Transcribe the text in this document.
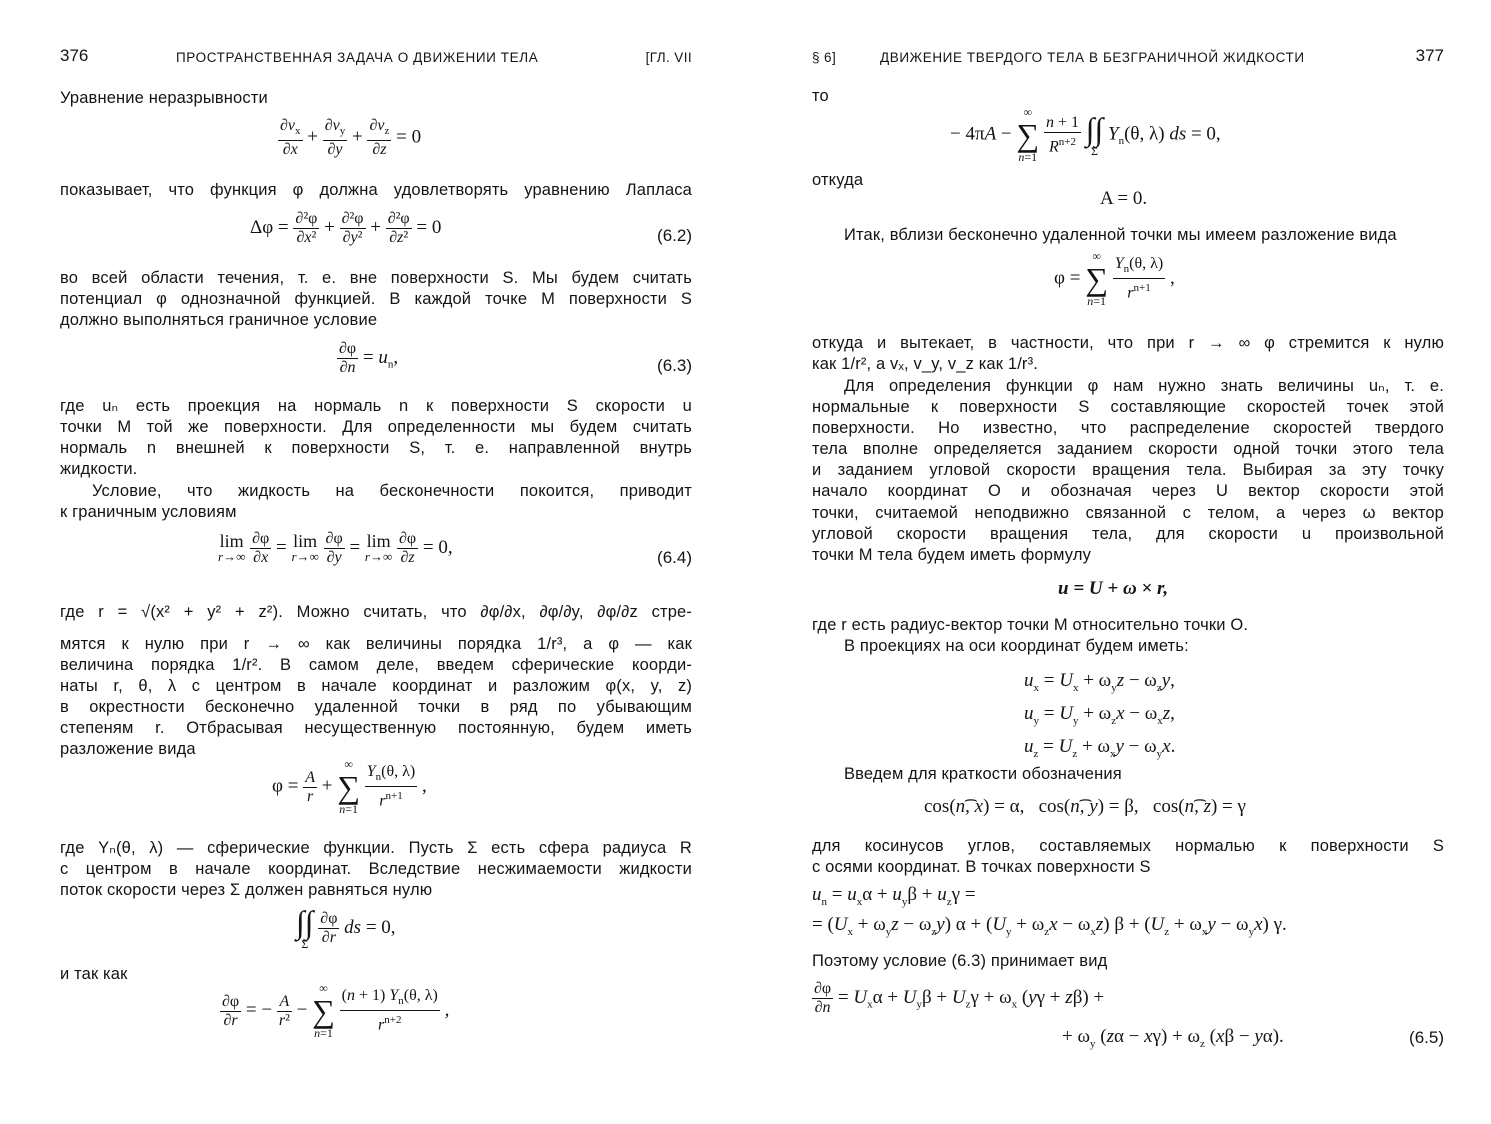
376	ПРОСТРАНСТВЕННАЯ ЗАДАЧА О ДВИЖЕНИИ ТЕЛА	[ГЛ. VII
Уравнение неразрывности
$\frac{\partial v_x}{\partial x} + \frac{\partial v_y}{\partial y} + \frac{\partial v_z}{\partial z} = 0$
показывает, что функция φ должна удовлетворять уравнению Лапласа
$\Delta\varphi = \frac{\text{∂²φ}}{\text{∂x²}} + \frac{\text{∂²φ}}{\text{∂y²}} + \frac{\text{∂²φ}}{\text{∂z²}} = 0$	(6.2)
во всей области течения, т. е. вне поверхности S. Мы будем считать
потенциал φ однозначной функцией. В каждой точке M поверхности S
должно выполняться граничное условие
$\frac{\partial\varphi}{\partial n} = u_n$,	(6.3)
где uₙ есть проекция на нормаль n к поверхности S скорости u
точки M той же поверхности. Для определенности мы будем считать
нормаль n внешней к поверхности S, т. е. направленной внутрь
жидкости.
Условие, что жидкость на бесконечности покоится, приводит
к граничным условиям
lim
$r\to\infty \frac{\partial\varphi}{\partial x} = \lim$
$r\to\infty \frac{\partial\varphi}{\partial y} = \lim$
$r\to\infty \frac{\partial\varphi}{\partial z} = 0$,	(6.4)
где r = √(x² + y² + z²). Можно считать, что ∂φ/∂x, ∂φ/∂y, ∂φ/∂z стре-
мятся к нулю при r → ∞ как величины порядка 1/r³, а φ — как
величина порядка 1/r². В самом деле, введем сферические коорди-
наты r, θ, λ с центром в начале координат и разложим φ(x, y, z)
в окрестности бесконечно удаленной точки в ряд по убывающим
степеням r. Отбрасывая несущественную постоянную, будем иметь
разложение вида
$\varphi = \frac{A}{r}$ + ∞
∑
$n=1 \frac{Y_n(\theta, \lambda)}{r^{n+1}}$ ,
где Yₙ(θ, λ) — сферические функции. Пусть Σ есть сфера радиуса R
с центром в начале координат. Вследствие несжимаемости жидкости
поток скорости через Σ должен равняться нулю
∫∫
Σ $\frac{\partial\varphi}{\partial r}$ ds = 0,
и так как
$\frac{\partial\varphi}{\partial r}$ = − $\frac{A}{\text{r²}}$ − ∞
∑
$n=1 \frac{(n + 1) Y_n(\theta, \lambda)}{r^{n+2}}$ ,
§ 6]	ДВИЖЕНИЕ ТВЕРДОГО ТЕЛА В БЕЗГРАНИЧНОЙ ЖИДКОСТИ	377
то
− 4πA − ∞
∑
n=1
$\frac{n + 1}{R^{n+2}}$
∫∫
Σ $Y_n(\theta$, λ) ds = 0,
откуда
A = 0.
Итак, вблизи бесконечно удаленной точки мы имеем разложение вида
φ = ∞
∑
$n=1 \frac{Y_n(\theta, \lambda)}{r^{n+1}}$ ,
откуда и вытекает, в частности, что при r → ∞ φ стремится к нулю
как 1/r², а vₓ, v_y, v_z как 1/r³.
Для определения функции φ нам нужно знать величины uₙ, т. е.
нормальные к поверхности S составляющие скоростей точек этой
поверхности. Но известно, что распределение скоростей твердого
тела вполне определяется заданием скорости одной точки этого тела
и заданием угловой скорости вращения тела. Выбирая за эту точку
начало координат O и обозначая через U вектор скорости этой
точки, считаемой неподвижно связанной с телом, а через ω вектор
угловой скорости вращения тела, для скорости u произвольной
точки M тела будем иметь формулу
u = U + ω × r,
где r есть радиус-вектор точки M относительно точки O.
В проекциях на оси координат будем иметь:
$u_x = U_x + \omega_yz - \omega_zy$,
$u_y = U_y + \omega_zx - \omega_xz$,
$u_z = U_z + \omega_xy - \omega_yx$.
Введем для краткости обозначения
cos(n͡, x) = α,   cos(n͡, y) = β,   cos(n͡, z) = γ
для косинусов углов, составляемых нормалью к поверхности S
с осями координат. В точках поверхности S
$u_n = u_x\alpha + u_y\beta + u_z\gamma$ =
= $(U_x + \omega_yz - \omega_zy) \alpha + (U_y + \omega_zx - \omega_xz) \beta + (U_z + \omega_xy - \omega_yx)$ γ.
Поэтому условие (6.3) принимает вид
$\frac{\partial\varphi}{\partial n} = U_x\alpha + U_y\beta + U_z\gamma + \omega_x$ (yγ + zβ) +
+ $\omega_y$ $(z\alpha - x\gamma) + \omega_z$ (xβ − yα).	(6.5)
